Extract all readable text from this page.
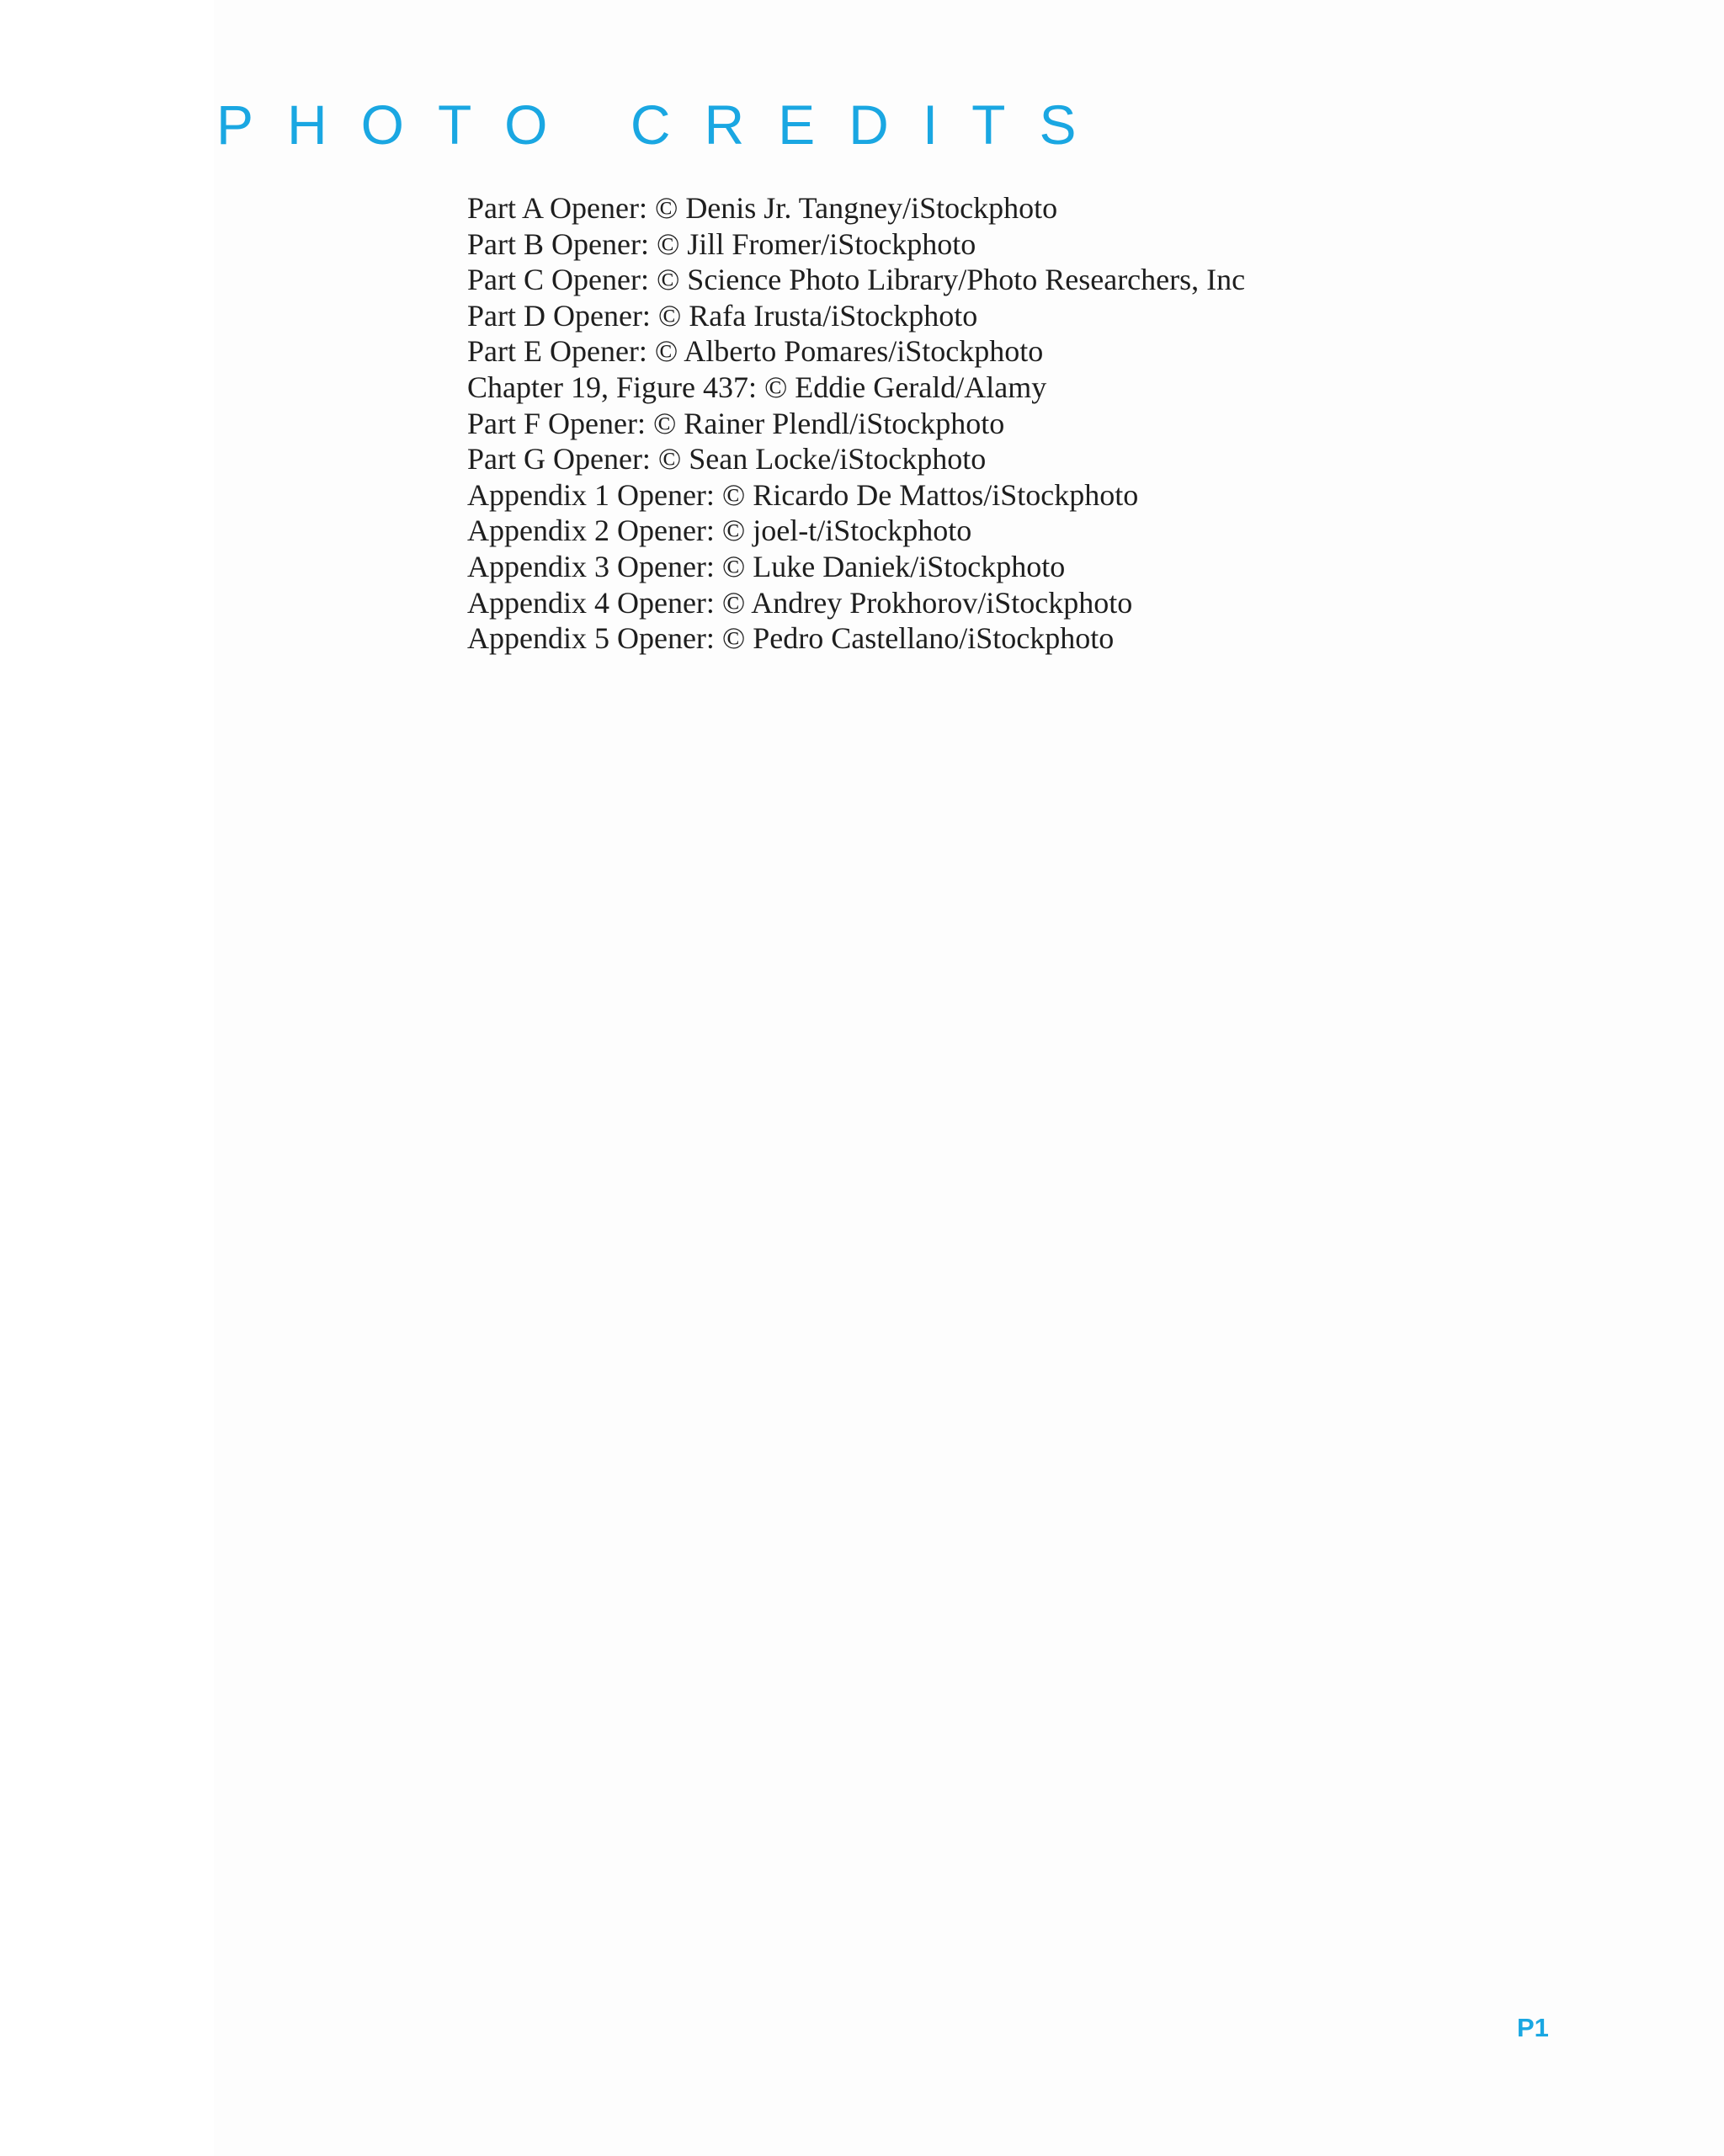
PHOTO CREDITS
Part A Opener: © Denis Jr. Tangney/iStockphoto
Part B Opener: © Jill Fromer/iStockphoto
Part C Opener: © Science Photo Library/Photo Researchers, Inc
Part D Opener: © Rafa Irusta/iStockphoto
Part E Opener: © Alberto Pomares/iStockphoto
Chapter 19, Figure 437: © Eddie Gerald/Alamy
Part F Opener: © Rainer Plendl/iStockphoto
Part G Opener: © Sean Locke/iStockphoto
Appendix 1 Opener: © Ricardo De Mattos/iStockphoto
Appendix 2 Opener: © joel-t/iStockphoto
Appendix 3 Opener: © Luke Daniek/iStockphoto
Appendix 4 Opener: © Andrey Prokhorov/iStockphoto
Appendix 5 Opener: © Pedro Castellano/iStockphoto
P1
